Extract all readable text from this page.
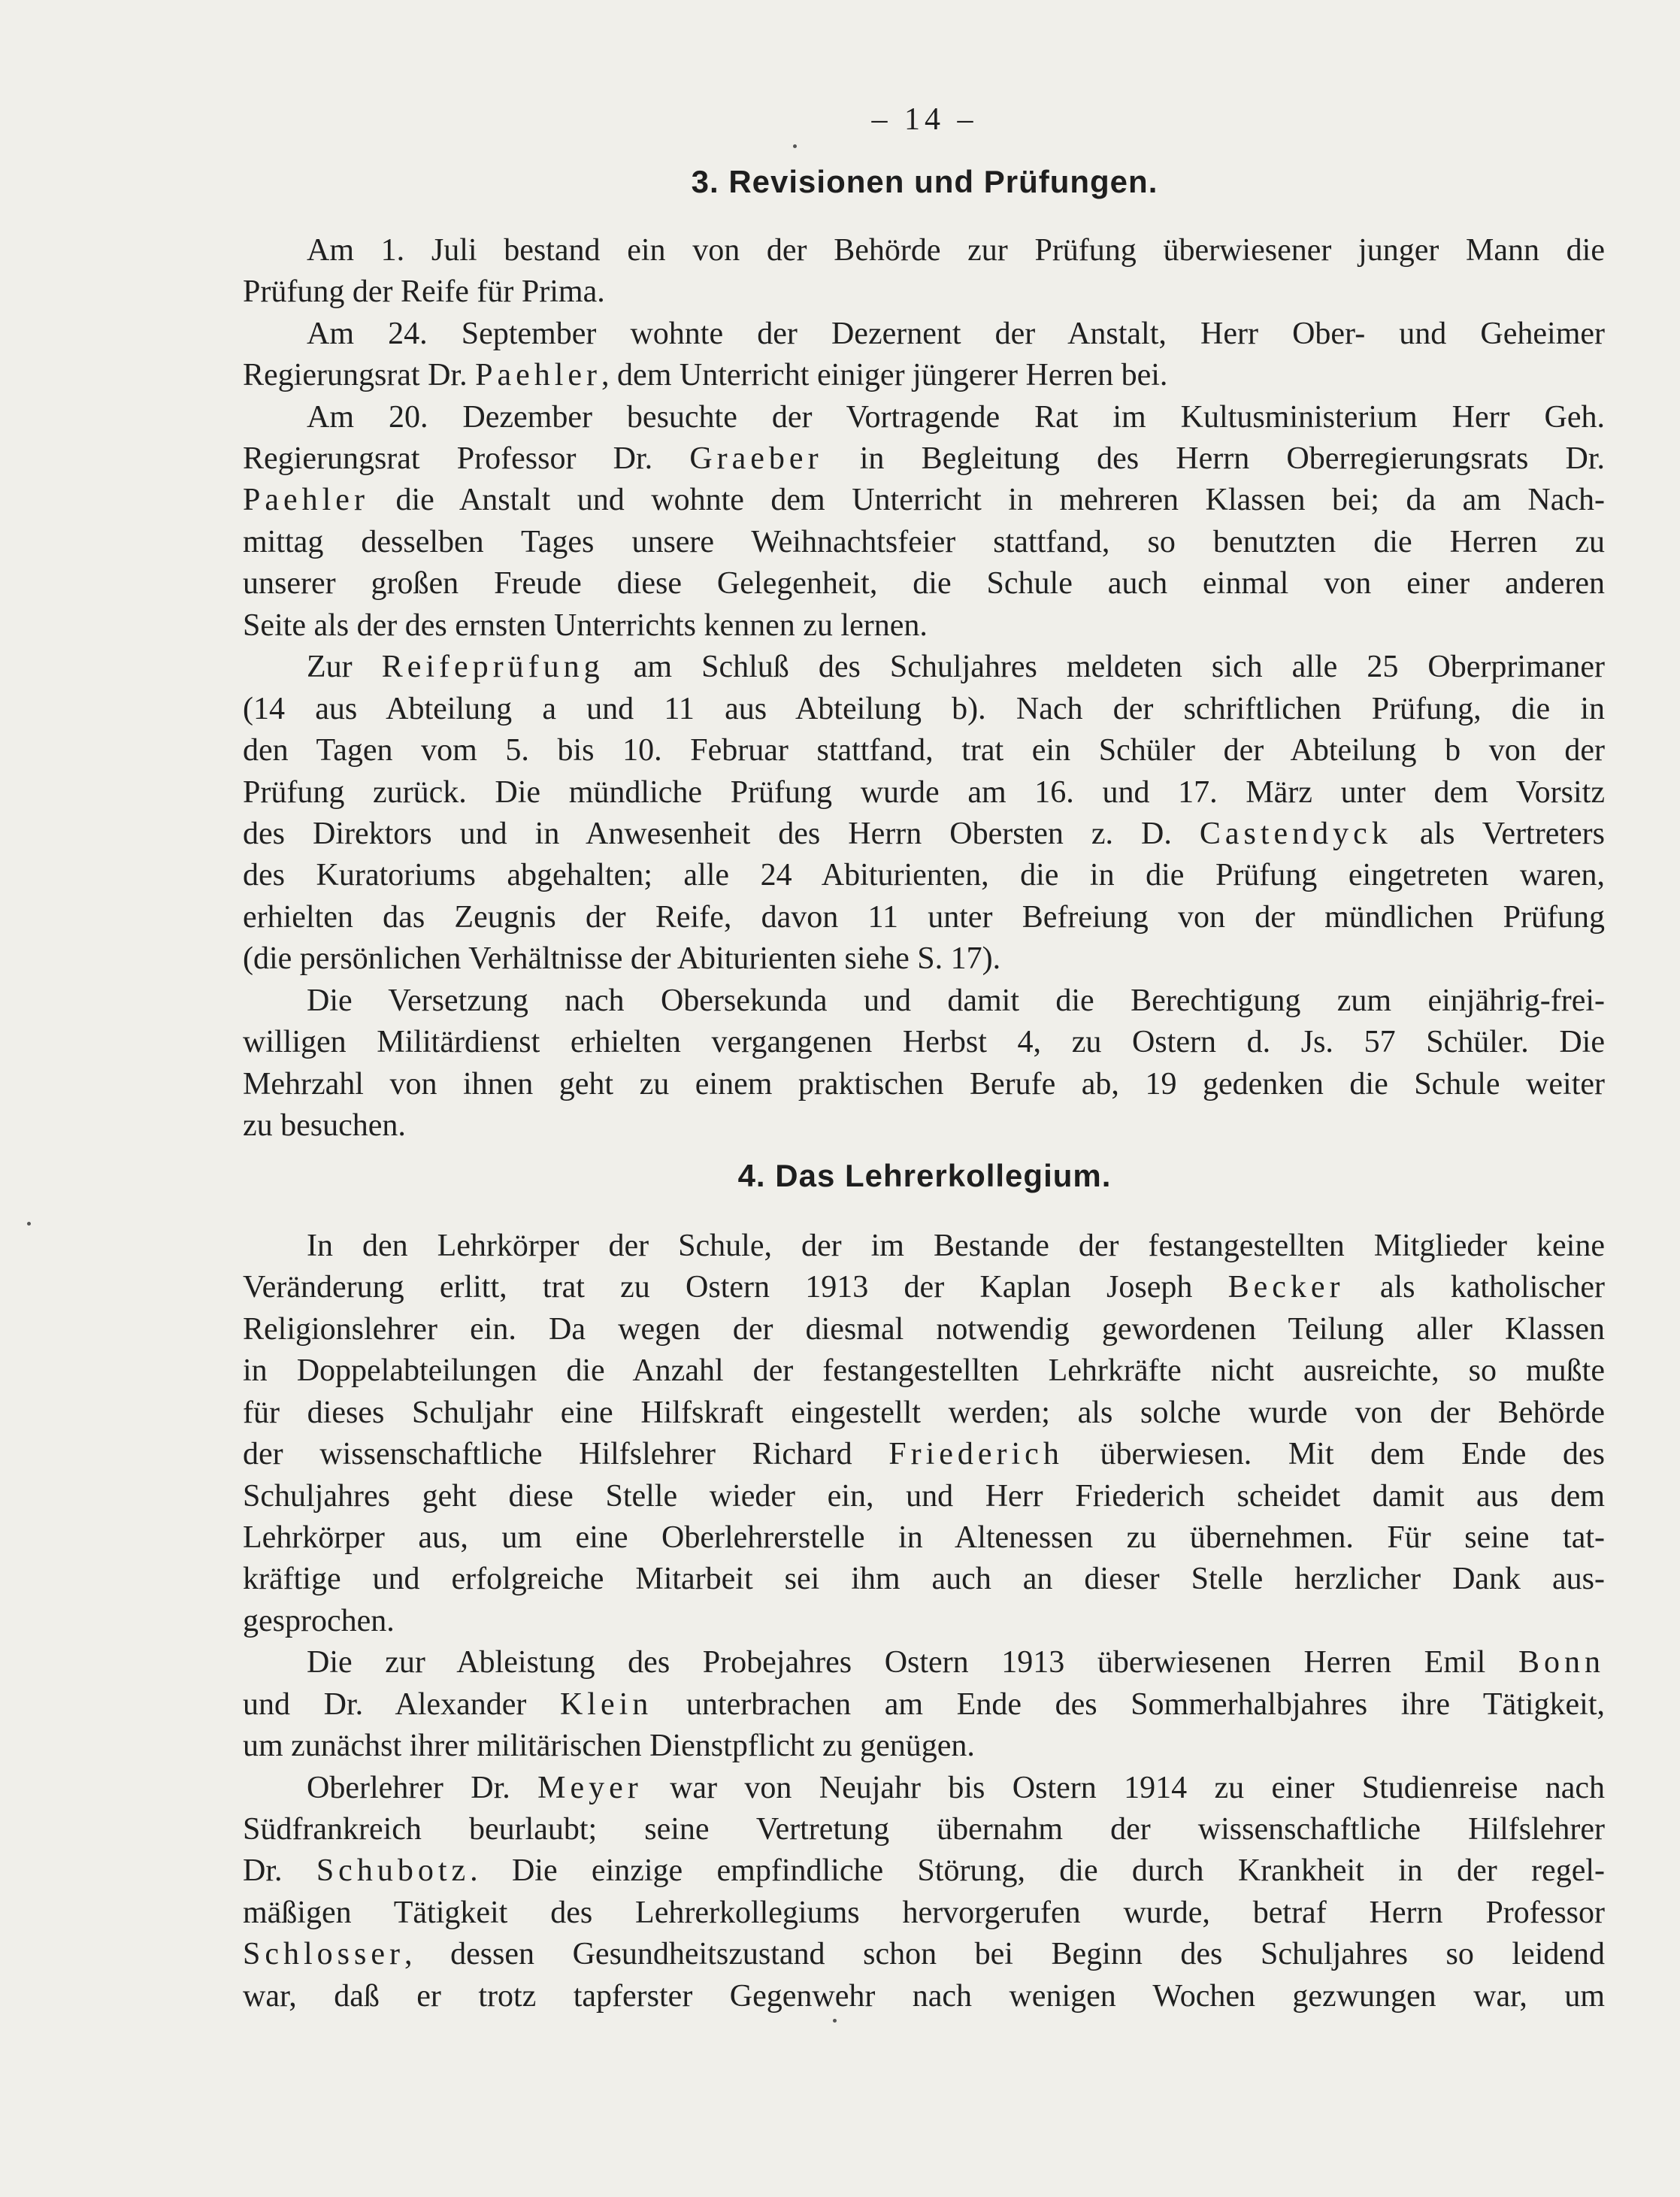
– 14 –
3. Revisionen und Prüfungen.
Am 1. Juli bestand ein von der Behörde zur Prüfung überwiesener junger Mann die
Prüfung der Reife für Prima.
Am 24. September wohnte der Dezernent der Anstalt, Herr Ober- und Geheimer
Regierungsrat Dr. Paehler, dem Unterricht einiger jüngerer Herren bei.
Am 20. Dezember besuchte der Vortragende Rat im Kultusministerium Herr Geh.
Regierungsrat Professor Dr. Graeber in Begleitung des Herrn Oberregierungsrats Dr.
Paehler die Anstalt und wohnte dem Unterricht in mehreren Klassen bei; da am Nach-
mittag desselben Tages unsere Weihnachtsfeier stattfand, so benutzten die Herren zu
unserer großen Freude diese Gelegenheit, die Schule auch einmal von einer anderen
Seite als der des ernsten Unterrichts kennen zu lernen.
Zur Reifeprüfung am Schluß des Schuljahres meldeten sich alle 25 Oberprimaner
(14 aus Abteilung a und 11 aus Abteilung b). Nach der schriftlichen Prüfung, die in
den Tagen vom 5. bis 10. Februar stattfand, trat ein Schüler der Abteilung b von der
Prüfung zurück. Die mündliche Prüfung wurde am 16. und 17. März unter dem Vorsitz
des Direktors und in Anwesenheit des Herrn Obersten z. D. Castendyck als Vertreters
des Kuratoriums abgehalten; alle 24 Abiturienten, die in die Prüfung eingetreten waren,
erhielten das Zeugnis der Reife, davon 11 unter Befreiung von der mündlichen Prüfung
(die persönlichen Verhältnisse der Abiturienten siehe S. 17).
Die Versetzung nach Obersekunda und damit die Berechtigung zum einjährig-frei-
willigen Militärdienst erhielten vergangenen Herbst 4, zu Ostern d. Js. 57 Schüler. Die
Mehrzahl von ihnen geht zu einem praktischen Berufe ab, 19 gedenken die Schule weiter
zu besuchen.
4. Das Lehrerkollegium.
In den Lehrkörper der Schule, der im Bestande der festangestellten Mitglieder keine
Veränderung erlitt, trat zu Ostern 1913 der Kaplan Joseph Becker als katholischer
Religionslehrer ein. Da wegen der diesmal notwendig gewordenen Teilung aller Klassen
in Doppelabteilungen die Anzahl der festangestellten Lehrkräfte nicht ausreichte, so mußte
für dieses Schuljahr eine Hilfskraft eingestellt werden; als solche wurde von der Behörde
der wissenschaftliche Hilfslehrer Richard Friederich überwiesen. Mit dem Ende des
Schuljahres geht diese Stelle wieder ein, und Herr Friederich scheidet damit aus dem
Lehrkörper aus, um eine Oberlehrerstelle in Altenessen zu übernehmen. Für seine tat-
kräftige und erfolgreiche Mitarbeit sei ihm auch an dieser Stelle herzlicher Dank aus-
gesprochen.
Die zur Ableistung des Probejahres Ostern 1913 überwiesenen Herren Emil Bonn
und Dr. Alexander Klein unterbrachen am Ende des Sommerhalbjahres ihre Tätigkeit,
um zunächst ihrer militärischen Dienstpflicht zu genügen.
Oberlehrer Dr. Meyer war von Neujahr bis Ostern 1914 zu einer Studienreise nach
Südfrankreich beurlaubt; seine Vertretung übernahm der wissenschaftliche Hilfslehrer
Dr. Schubotz. Die einzige empfindliche Störung, die durch Krankheit in der regel-
mäßigen Tätigkeit des Lehrerkollegiums hervorgerufen wurde, betraf Herrn Professor
Schlosser, dessen Gesundheitszustand schon bei Beginn des Schuljahres so leidend
war, daß er trotz tapferster Gegenwehr nach wenigen Wochen gezwungen war, um
